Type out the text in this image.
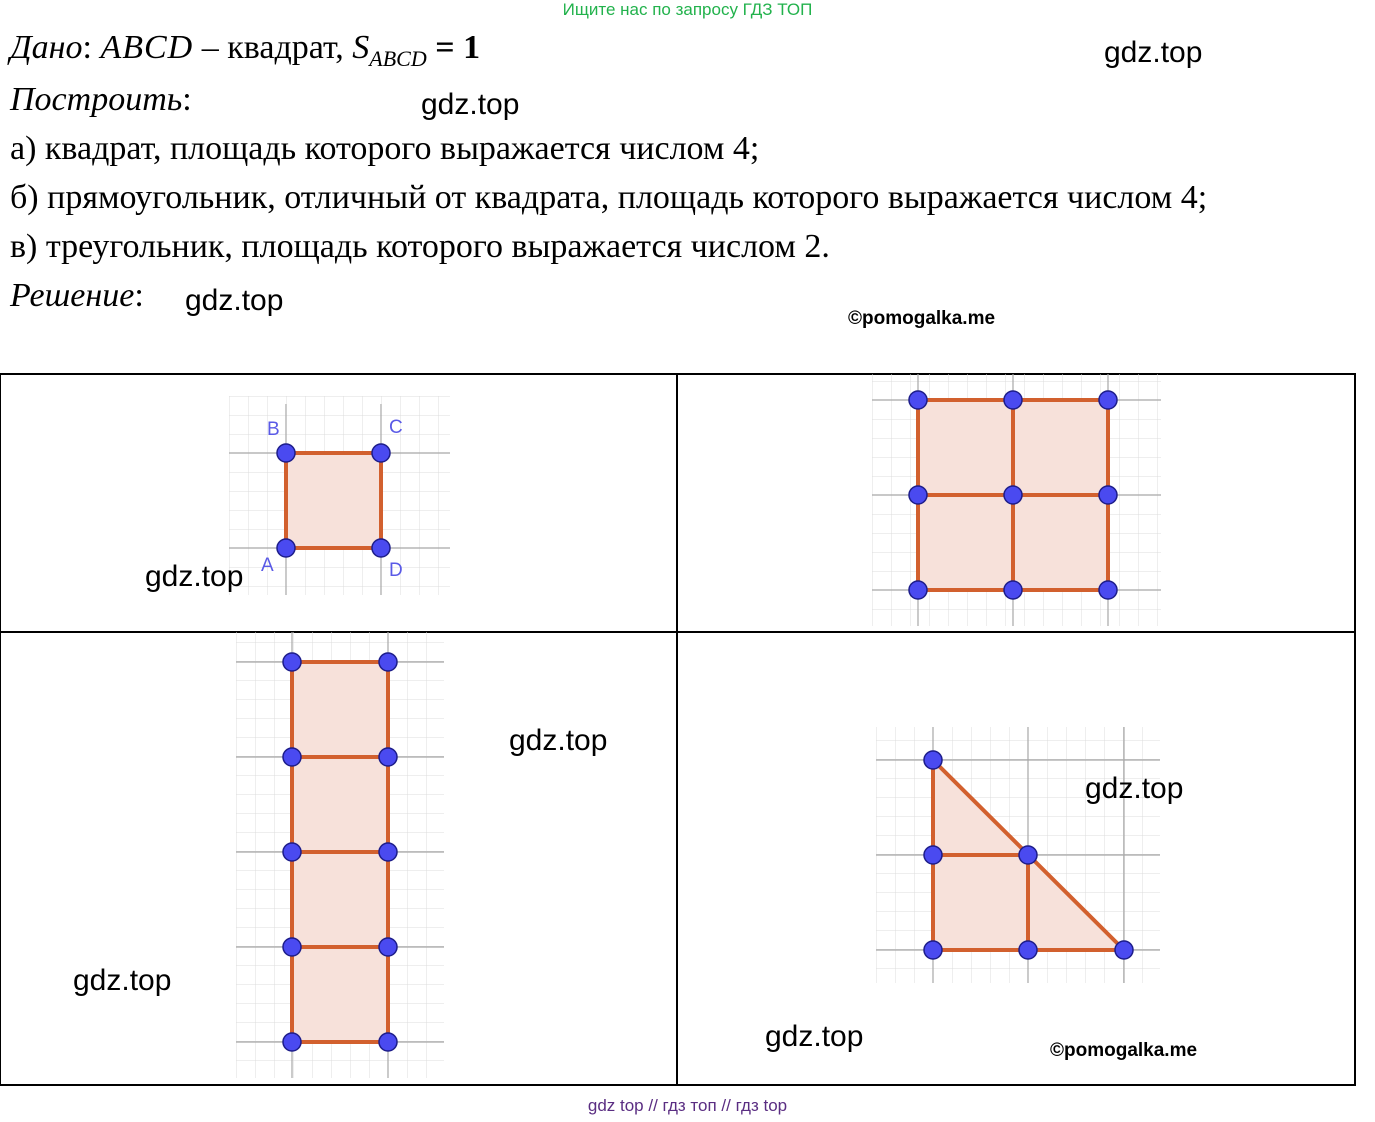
Ищите нас по запросу ГДЗ ТОП
Дано: ABCD – квадрат, $S_{ABCD} = 1$
Построить:
а) квадрат, площадь которого выражается числом 4;
б) прямоугольник, отличный от квадрата, площадь которого выражается числом 4;
в) треугольник, площадь которого выражается числом 2.
Решение:
gdz.top
gdz.top
gdz.top
©pomogalka.me
B	C
A	D
gdz.top
gdz.top
gdz.top
gdz.top
gdz.top	©pomogalka.me
gdz top // гдз топ // гдз top
